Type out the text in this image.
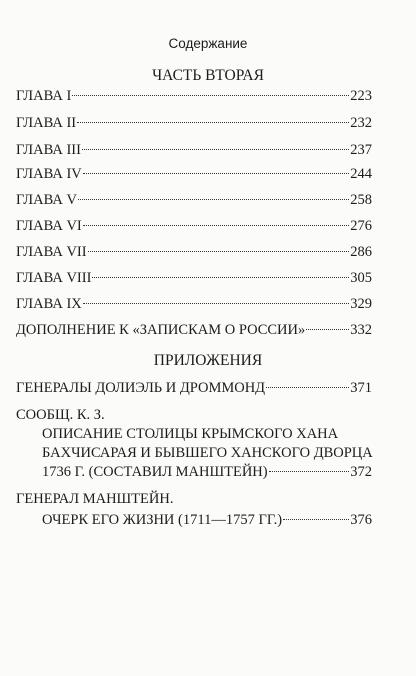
Содержание
ЧАСТЬ ВТОРАЯ
ГЛАВА I	223
ГЛАВА II	232
ГЛАВА III	237
ГЛАВА IV	244
ГЛАВА V	258
ГЛАВА VI	276
ГЛАВА VII	286
ГЛАВА VIII	305
ГЛАВА IX	329
ДОПОЛНЕНИЕ К «ЗАПИСКАМ О РОССИИ»	332
ПРИЛОЖЕНИЯ
ГЕНЕРАЛЫ ДОЛИЭЛЬ И ДРОММОНД	371
СООБЩ. К. З.
ОПИСАНИЕ СТОЛИЦЫ КРЫМСКОГО ХАНА
БАХЧИСАРАЯ И БЫВШЕГО ХАНСКОГО ДВОРЦА
1736 Г. (СОСТАВИЛ МАНШТЕЙН)	372
ГЕНЕРАЛ МАНШТЕЙН.
ОЧЕРК ЕГО ЖИЗНИ (1711—1757 ГГ.)	376
